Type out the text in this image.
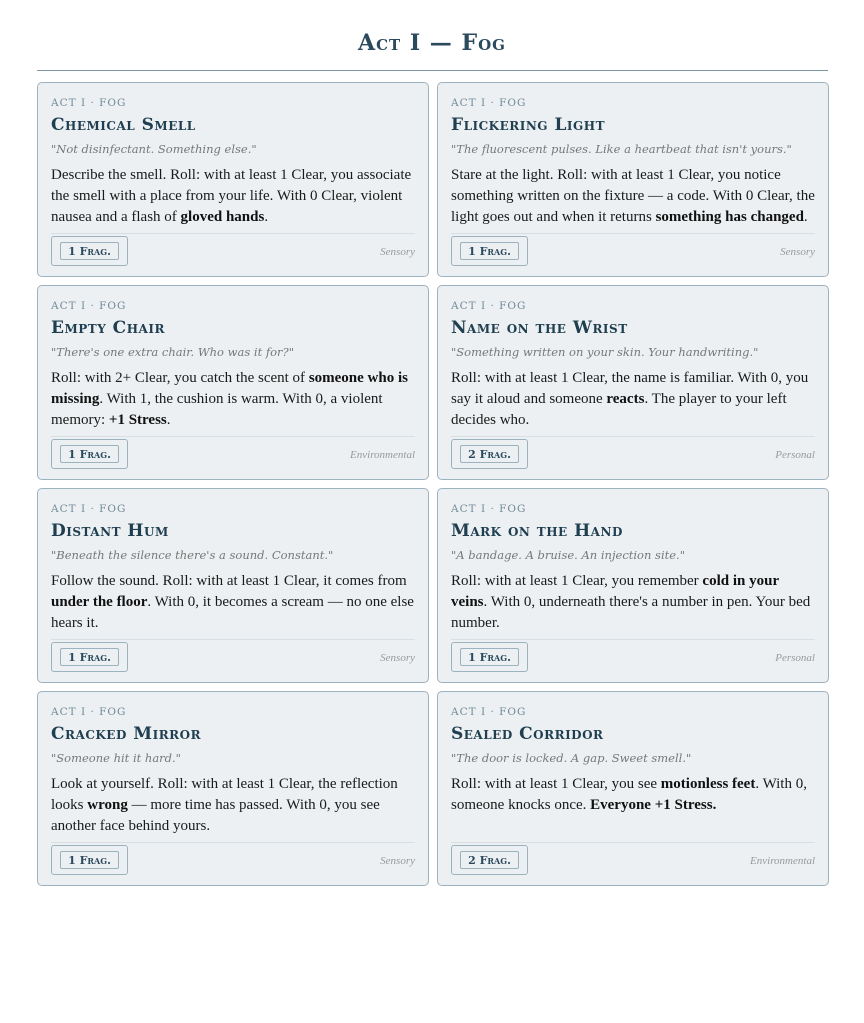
Act I — Fog
ACT I · FOG
Chemical Smell
"Not disinfectant. Something else."
Describe the smell. Roll: with at least 1 Clear, you associate the smell with a place from your life. With 0 Clear, violent nausea and a flash of gloved hands.
1 Frag.	Sensory
ACT I · FOG
Flickering Light
"The fluorescent pulses. Like a heartbeat that isn't yours."
Stare at the light. Roll: with at least 1 Clear, you notice something written on the fixture — a code. With 0 Clear, the light goes out and when it returns something has changed.
1 Frag.	Sensory
ACT I · FOG
Empty Chair
"There's one extra chair. Who was it for?"
Roll: with 2+ Clear, you catch the scent of someone who is missing. With 1, the cushion is warm. With 0, a violent memory: +1 Stress.
1 Frag.	Environmental
ACT I · FOG
Name on the Wrist
"Something written on your skin. Your handwriting."
Roll: with at least 1 Clear, the name is familiar. With 0, you say it aloud and someone reacts. The player to your left decides who.
2 Frag.	Personal
ACT I · FOG
Distant Hum
"Beneath the silence there's a sound. Constant."
Follow the sound. Roll: with at least 1 Clear, it comes from under the floor. With 0, it becomes a scream — no one else hears it.
1 Frag.	Sensory
ACT I · FOG
Mark on the Hand
"A bandage. A bruise. An injection site."
Roll: with at least 1 Clear, you remember cold in your veins. With 0, underneath there's a number in pen. Your bed number.
1 Frag.	Personal
ACT I · FOG
Cracked Mirror
"Someone hit it hard."
Look at yourself. Roll: with at least 1 Clear, the reflection looks wrong — more time has passed. With 0, you see another face behind yours.
1 Frag.	Sensory
ACT I · FOG
Sealed Corridor
"The door is locked. A gap. Sweet smell."
Roll: with at least 1 Clear, you see motionless feet. With 0, someone knocks once. Everyone +1 Stress.
2 Frag.	Environmental
